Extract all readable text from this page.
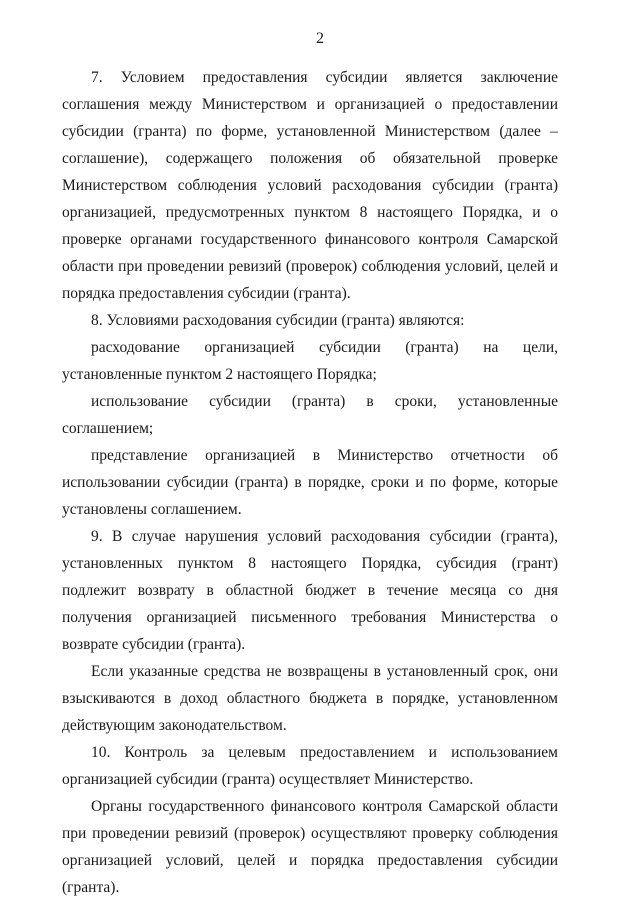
2

7. Условием предоставления субсидии является заключение соглашения между Министерством и организацией о предоставлении субсидии (гранта) по форме, установленной Министерством (далее – соглашение), содержащего положения об обязательной проверке Министерством соблюдения условий расходования субсидии (гранта) организацией, предусмотренных пунктом 8 настоящего Порядка, и о проверке органами государственного финансового контроля Самарской области при проведении ревизий (проверок) соблюдения условий, целей и порядка предоставления субсидии (гранта).

8. Условиями расходования субсидии (гранта) являются:

расходование организацией субсидии (гранта) на цели, установленные пунктом 2 настоящего Порядка;

использование субсидии (гранта) в сроки, установленные соглашением;

представление организацией в Министерство отчетности об использовании субсидии (гранта) в порядке, сроки и по форме, которые установлены соглашением.

9. В случае нарушения условий расходования субсидии (гранта), установленных пунктом 8 настоящего Порядка, субсидия (грант) подлежит возврату в областной бюджет в течение месяца со дня получения организацией письменного требования Министерства о возврате субсидии (гранта).

Если указанные средства не возвращены в установленный срок, они взыскиваются в доход областного бюджета в порядке, установленном действующим законодательством.

10. Контроль за целевым предоставлением и использованием организацией субсидии (гранта) осуществляет Министерство.

Органы государственного финансового контроля Самарской области при проведении ревизий (проверок) осуществляют проверку соблюдения организацией условий, целей и порядка предоставления субсидии (гранта).
